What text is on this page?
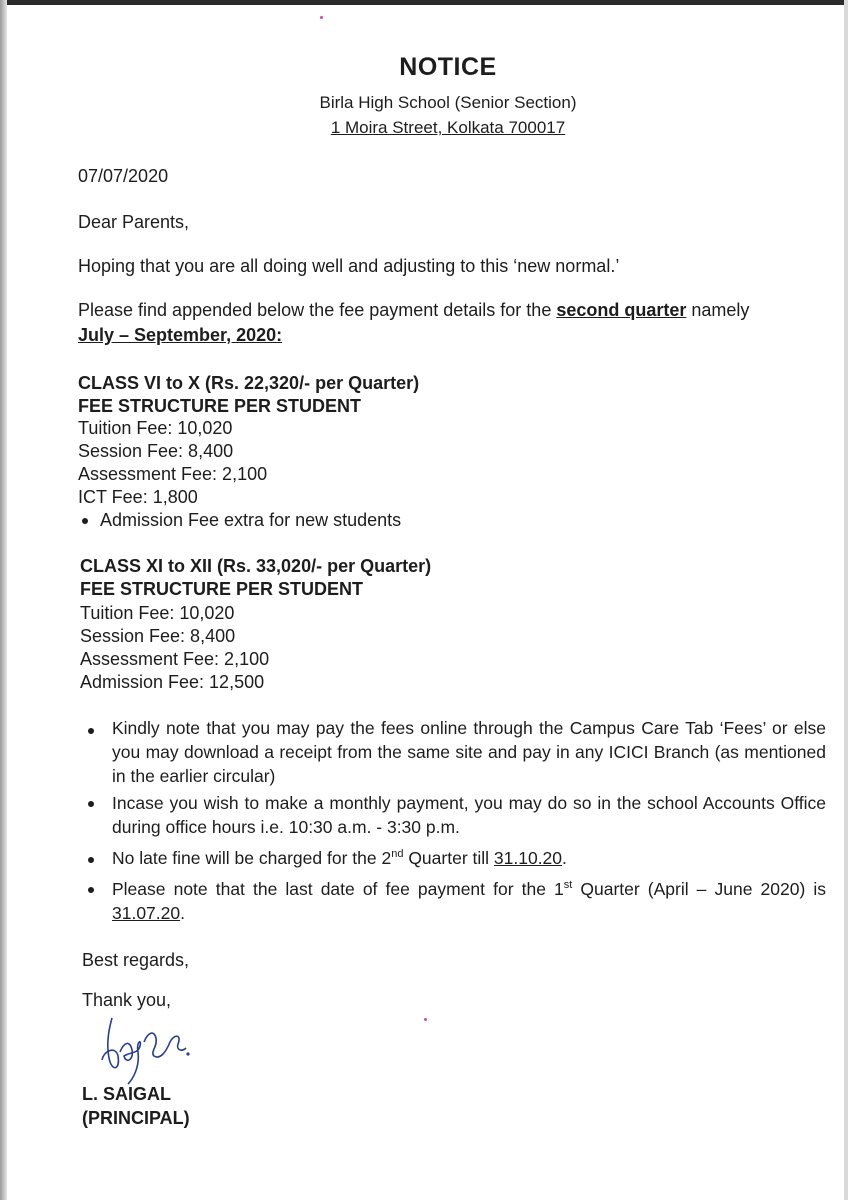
NOTICE
Birla High School (Senior Section)
1 Moira Street, Kolkata 700017
07/07/2020
Dear Parents,
Hoping that you are all doing well and adjusting to this ‘new normal.’
Please find appended below the fee payment details for the second quarter namely
July – September, 2020:
CLASS VI to X (Rs. 22,320/- per Quarter)
FEE STRUCTURE PER STUDENT
Tuition Fee: 10,020
Session Fee: 8,400
Assessment Fee: 2,100
ICT Fee: 1,800
Admission Fee extra for new students
CLASS XI to XII (Rs. 33,020/- per Quarter)
FEE STRUCTURE PER STUDENT
Tuition Fee: 10,020
Session Fee: 8,400
Assessment Fee: 2,100
Admission Fee: 12,500
Kindly note that you may pay the fees online through the Campus Care Tab ‘Fees’ or else you may download a receipt from the same site and pay in any ICICI Branch (as mentioned in the earlier circular)
Incase you wish to make a monthly payment, you may do so in the school Accounts Office during office hours i.e. 10:30 a.m. - 3:30 p.m.
No late fine will be charged for the 2nd Quarter till 31.10.20.
Please note that the last date of fee payment for the 1st Quarter (April – June 2020) is 31.07.20.
Best regards,
Thank you,
L. SAIGAL
(PRINCIPAL)
